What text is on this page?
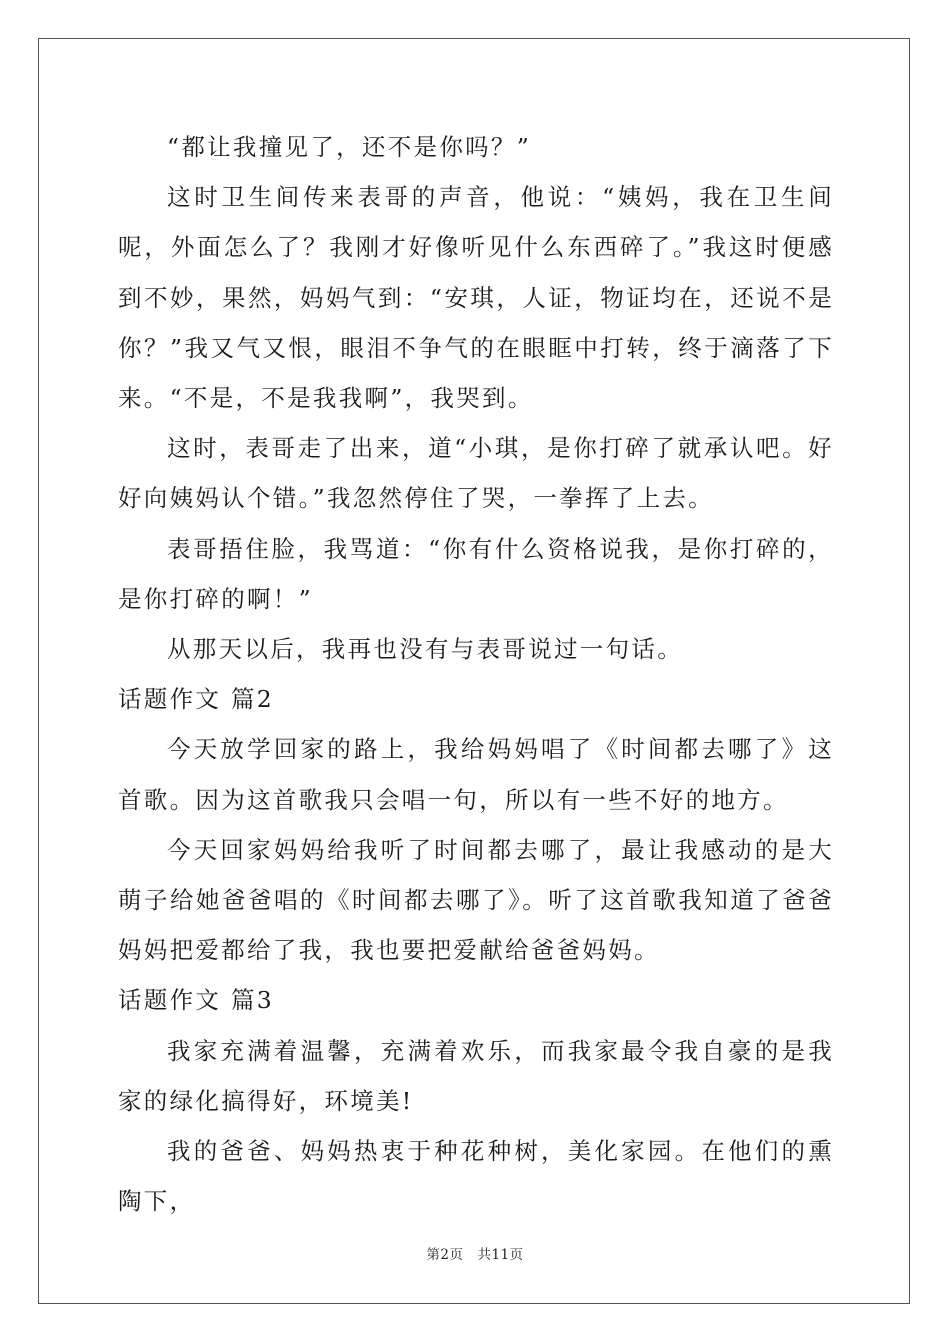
“都让我撞见了，还不是你吗？”

这时卫生间传来表哥的声音，他说：“姨妈，我在卫生间呢，外面怎么了？我刚才好像听见什么东西碎了。”我这时便感到不妙，果然，妈妈气到：“安琪，人证，物证均在，还说不是你？”我又气又恨，眼泪不争气的在眼眶中打转，终于滴落了下来。“不是，不是我我啊”，我哭到。

这时，表哥走了出来，道“小琪，是你打碎了就承认吧。好好向姨妈认个错。”我忽然停住了哭，一拳挥了上去。

表哥捂住脸，我骂道：“你有什么资格说我，是你打碎的，是你打碎的啊！”

从那天以后，我再也没有与表哥说过一句话。

话题作文 篇2

今天放学回家的路上，我给妈妈唱了《时间都去哪了》这首歌。因为这首歌我只会唱一句，所以有一些不好的地方。

今天回家妈妈给我听了时间都去哪了，最让我感动的是大萌子给她爸爸唱的《时间都去哪了》。听了这首歌我知道了爸爸妈妈把爱都给了我，我也要把爱献给爸爸妈妈。

话题作文 篇3

我家充满着温馨，充满着欢乐，而我家最令我自豪的是我家的绿化搞得好，环境美!

我的爸爸、妈妈热衷于种花种树，美化家园。在他们的熏陶下，

第2页 共11页
